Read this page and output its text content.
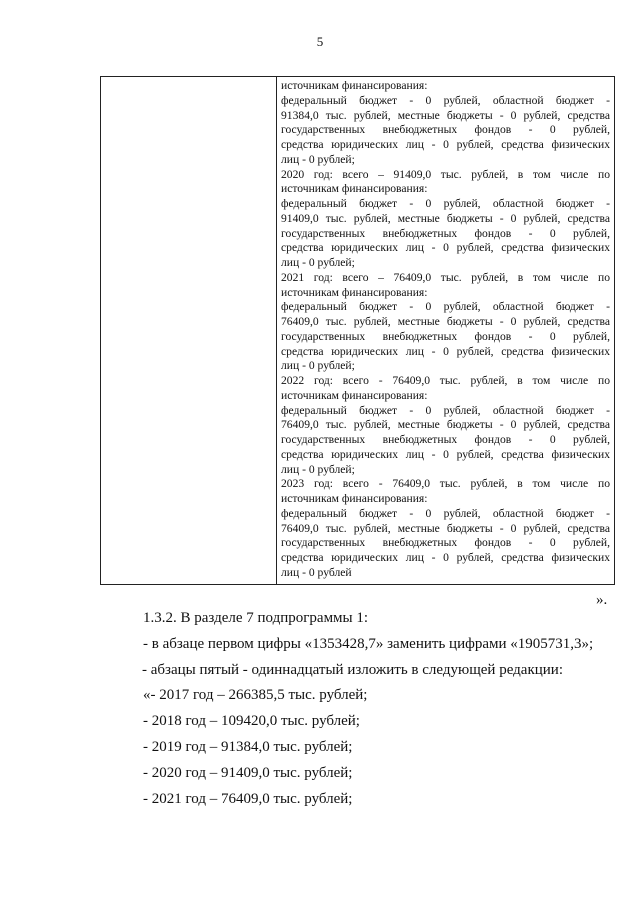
5

источникам финансирования:

федеральный бюджет - 0 рублей, областной бюджет -

91384,0 тыс. рублей, местные бюджеты - 0 рублей, средства

государственных внебюджетных фондов - 0 рублей,

средства юридических лиц - 0 рублей, средства физических

лиц - 0 рублей;

2020 год: всего – 91409,0 тыс. рублей, в том числе по

источникам финансирования:

федеральный бюджет - 0 рублей, областной бюджет -

91409,0 тыс. рублей, местные бюджеты - 0 рублей, средства

государственных внебюджетных фондов - 0 рублей,

средства юридических лиц - 0 рублей, средства физических

лиц - 0 рублей;

2021 год: всего – 76409,0 тыс. рублей, в том числе по

источникам финансирования:

федеральный бюджет - 0 рублей, областной бюджет -

76409,0 тыс. рублей, местные бюджеты - 0 рублей, средства

государственных внебюджетных фондов - 0 рублей,

средства юридических лиц - 0 рублей, средства физических

лиц - 0 рублей;

2022 год: всего - 76409,0 тыс. рублей, в том числе по

источникам финансирования:

федеральный бюджет - 0 рублей, областной бюджет -

76409,0 тыс. рублей, местные бюджеты - 0 рублей, средства

государственных внебюджетных фондов - 0 рублей,

средства юридических лиц - 0 рублей, средства физических

лиц - 0 рублей;

2023 год: всего - 76409,0 тыс. рублей, в том числе по

источникам финансирования:

федеральный бюджет - 0 рублей, областной бюджет -

76409,0 тыс. рублей, местные бюджеты - 0 рублей, средства

государственных внебюджетных фондов - 0 рублей,

средства юридических лиц - 0 рублей, средства физических

лиц - 0 рублей

».

1.3.2. В разделе 7 подпрограммы 1:

- в абзаце первом цифры «1353428,7» заменить цифрами «1905731,3»;

- абзацы пятый - одиннадцатый изложить в следующей редакции:

«- 2017 год – 266385,5 тыс. рублей;

- 2018 год – 109420,0 тыс. рублей;

- 2019 год – 91384,0 тыс. рублей;

- 2020 год – 91409,0 тыс. рублей;

- 2021 год – 76409,0 тыс. рублей;
